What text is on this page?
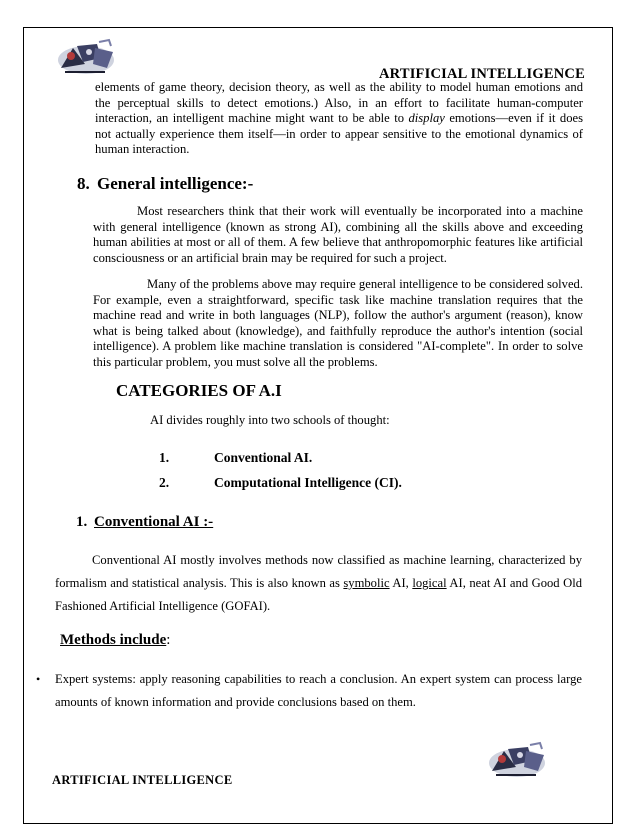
ARTIFICIAL INTELLIGENCE

elements of game theory, decision theory, as well as the ability to model human emotions and the perceptual skills to detect emotions.) Also, in an effort to facilitate human-computer interaction, an intelligent machine might want to be able to display emotions—even if it does not actually experience them itself—in order to appear sensitive to the emotional dynamics of human interaction.

8. General intelligence:-

Most researchers think that their work will eventually be incorporated into a machine with general intelligence (known as strong AI), combining all the skills above and exceeding human abilities at most or all of them. A few believe that anthropomorphic features like artificial consciousness or an artificial brain may be required for such a project.

Many of the problems above may require general intelligence to be considered solved. For example, even a straightforward, specific task like machine translation requires that the machine read and write in both languages (NLP), follow the author's argument (reason), know what is being talked about (knowledge), and faithfully reproduce the author's intention (social intelligence). A problem like machine translation is considered "AI-complete". In order to solve this particular problem, you must solve all the problems.

CATEGORIES OF A.I
AI divides roughly into two schools of thought:
1.	Conventional AI.
2.	Computational Intelligence (CI).
1. Conventional AI :-

Conventional AI mostly involves methods now classified as machine learning, characterized by formalism and statistical analysis. This is also known as symbolic AI, logical AI, neat AI and Good Old Fashioned Artificial Intelligence (GOFAI).

Methods include:
• Expert systems: apply reasoning capabilities to reach a conclusion. An expert system can process large amounts of known information and provide conclusions based on them.

ARTIFICIAL INTELLIGENCE
